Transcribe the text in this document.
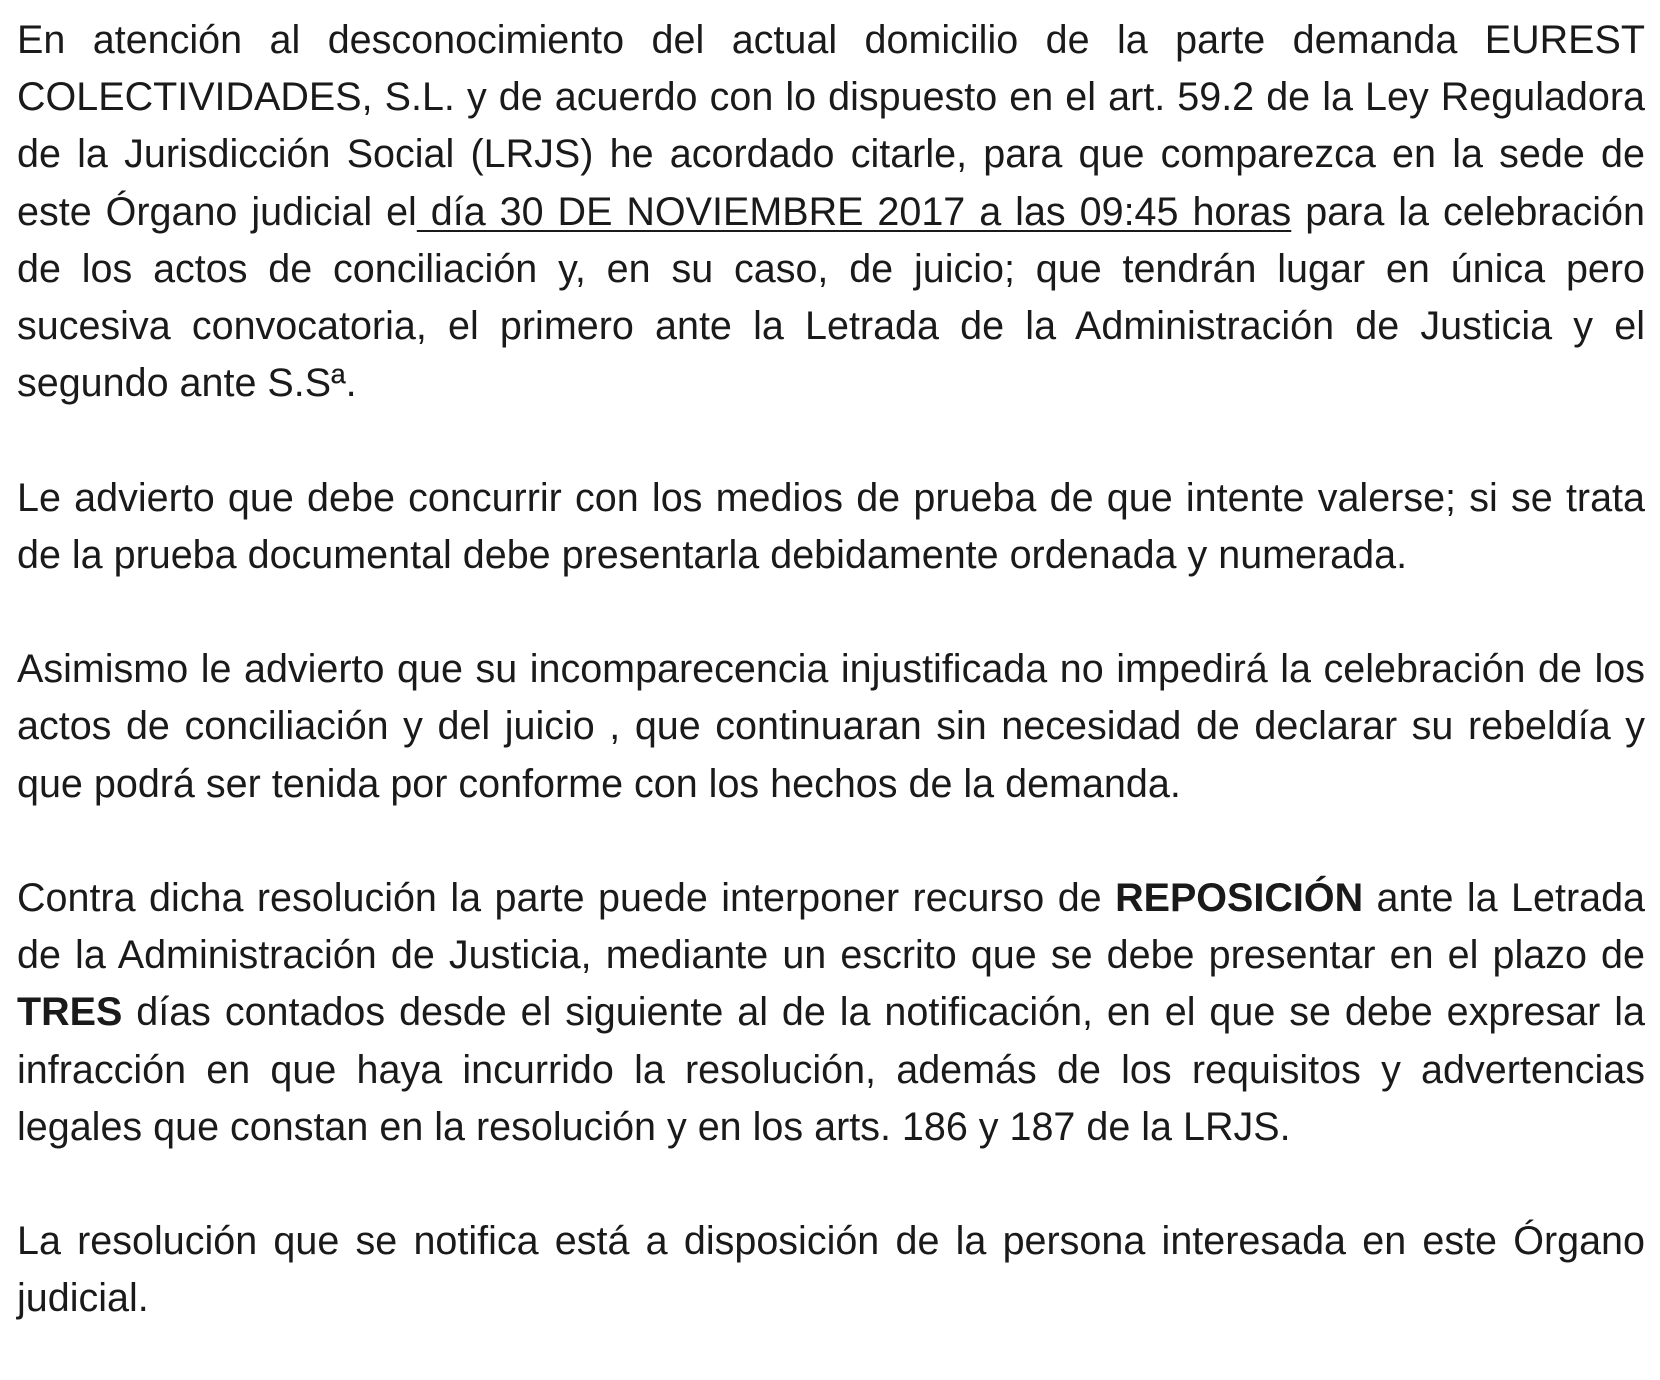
En atención al desconocimiento del actual domicilio de la parte demanda EUREST COLECTIVIDADES, S.L. y de acuerdo con lo dispuesto en el art. 59.2 de la Ley Reguladora de la Jurisdicción Social (LRJS) he acordado citarle, para que comparezca en la sede de este Órgano judicial el día 30 DE NOVIEMBRE 2017 a las 09:45 horas para la celebración de los actos de conciliación y, en su caso, de juicio; que tendrán lugar en única pero sucesiva convocatoria, el primero ante la Letrada de la Administración de Justicia y el segundo ante S.Sª.

Le advierto que debe concurrir con los medios de prueba de que intente valerse; si se trata de la prueba documental debe presentarla debidamente ordenada y numerada.

Asimismo le advierto que su incomparecencia injustificada no impedirá la celebración de los actos de conciliación y del juicio , que continuaran sin necesidad de declarar su rebeldía y que podrá ser tenida por conforme con los hechos de la demanda.

Contra dicha resolución la parte puede interponer recurso de REPOSICIÓN ante la Letrada de la Administración de Justicia, mediante un escrito que se debe presentar en el plazo de TRES días contados desde el siguiente al de la notificación, en el que se debe expresar la infracción en que haya incurrido la resolución, además de los requisitos y advertencias legales que constan en la resolución y en los arts. 186 y 187 de la LRJS.

La resolución que se notifica está a disposición de la persona interesada en este Órgano judicial.
